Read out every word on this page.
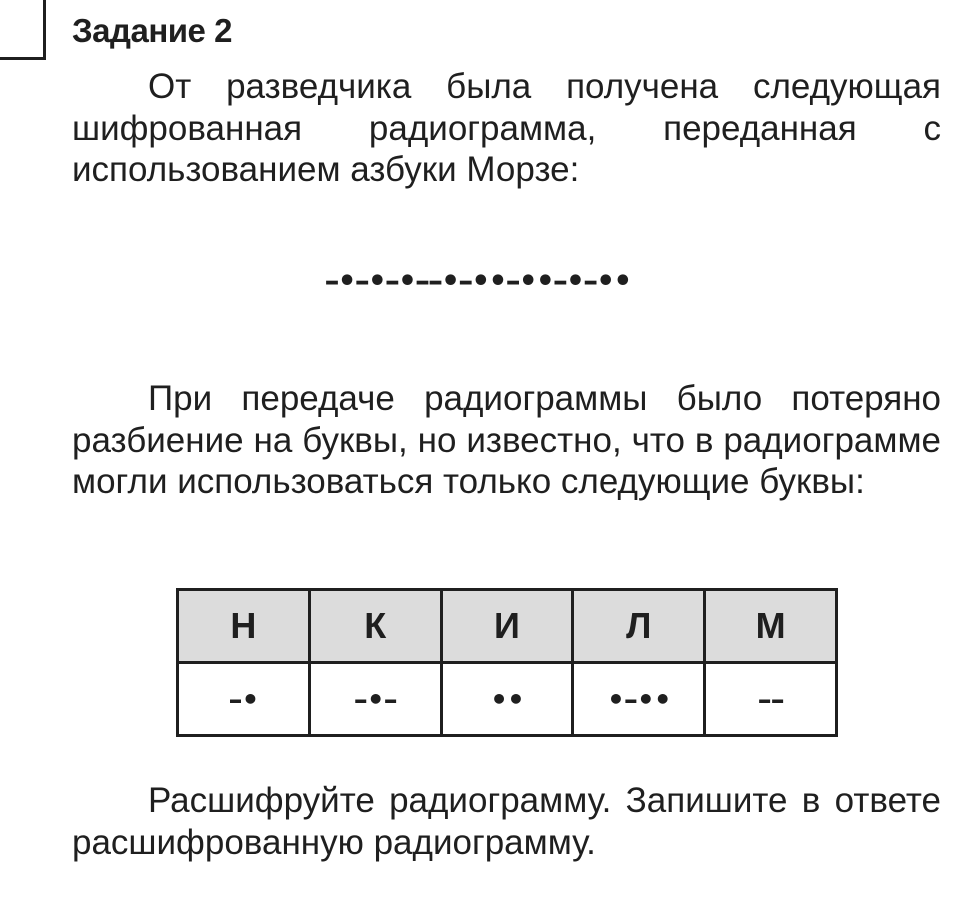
Задание 2

От разведчика была получена следующая шифрованная радиограмма, переданная с использованием азбуки Морзе:

–•–•–•––•–••–••–•–••

При передаче радиограммы было потеряно разбиение на буквы, но известно, что в радиограмме могли использоваться только следующие буквы:

Н	К	И	Л	М
–•	–•–	••	•–••	––

Расшифруйте радиограмму. Запишите в ответе расшифрованную радиограмму.
